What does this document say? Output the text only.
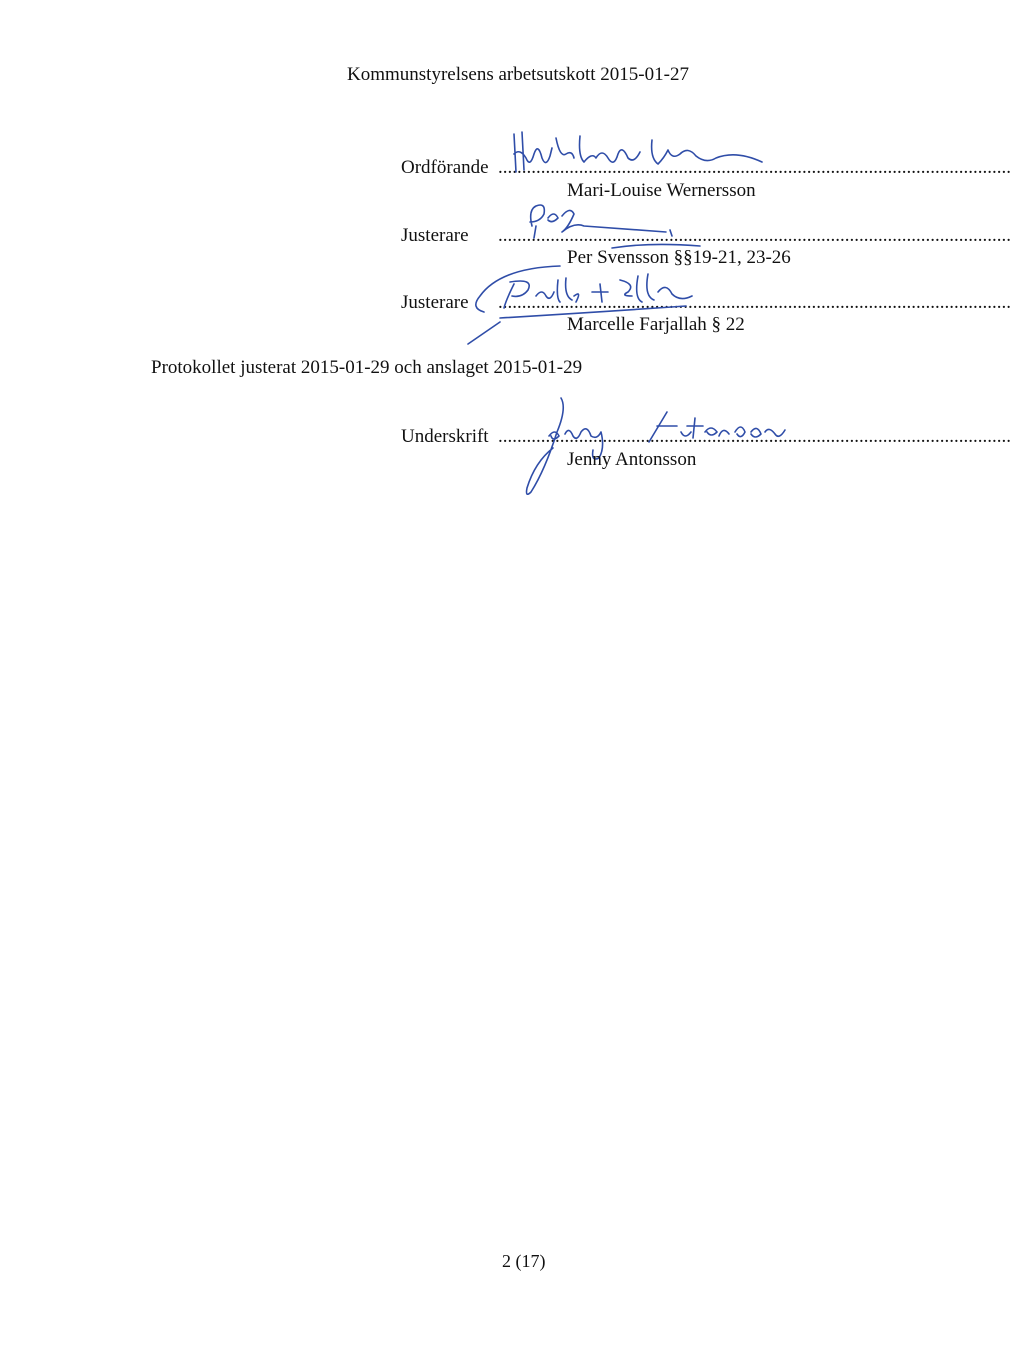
Kommunstyrelsens arbetsutskott 2015-01-27
Ordförande ............................................................................................................
Mari-Louise Wernersson
Justerare ............................................................................................................
Per Svensson §§19-21, 23-26
Justerare ............................................................................................................
Marcelle Farjallah § 22
Protokollet justerat 2015-01-29 och anslaget 2015-01-29
Underskrift ............................................................................................................
Jenny Antonsson
2 (17)
